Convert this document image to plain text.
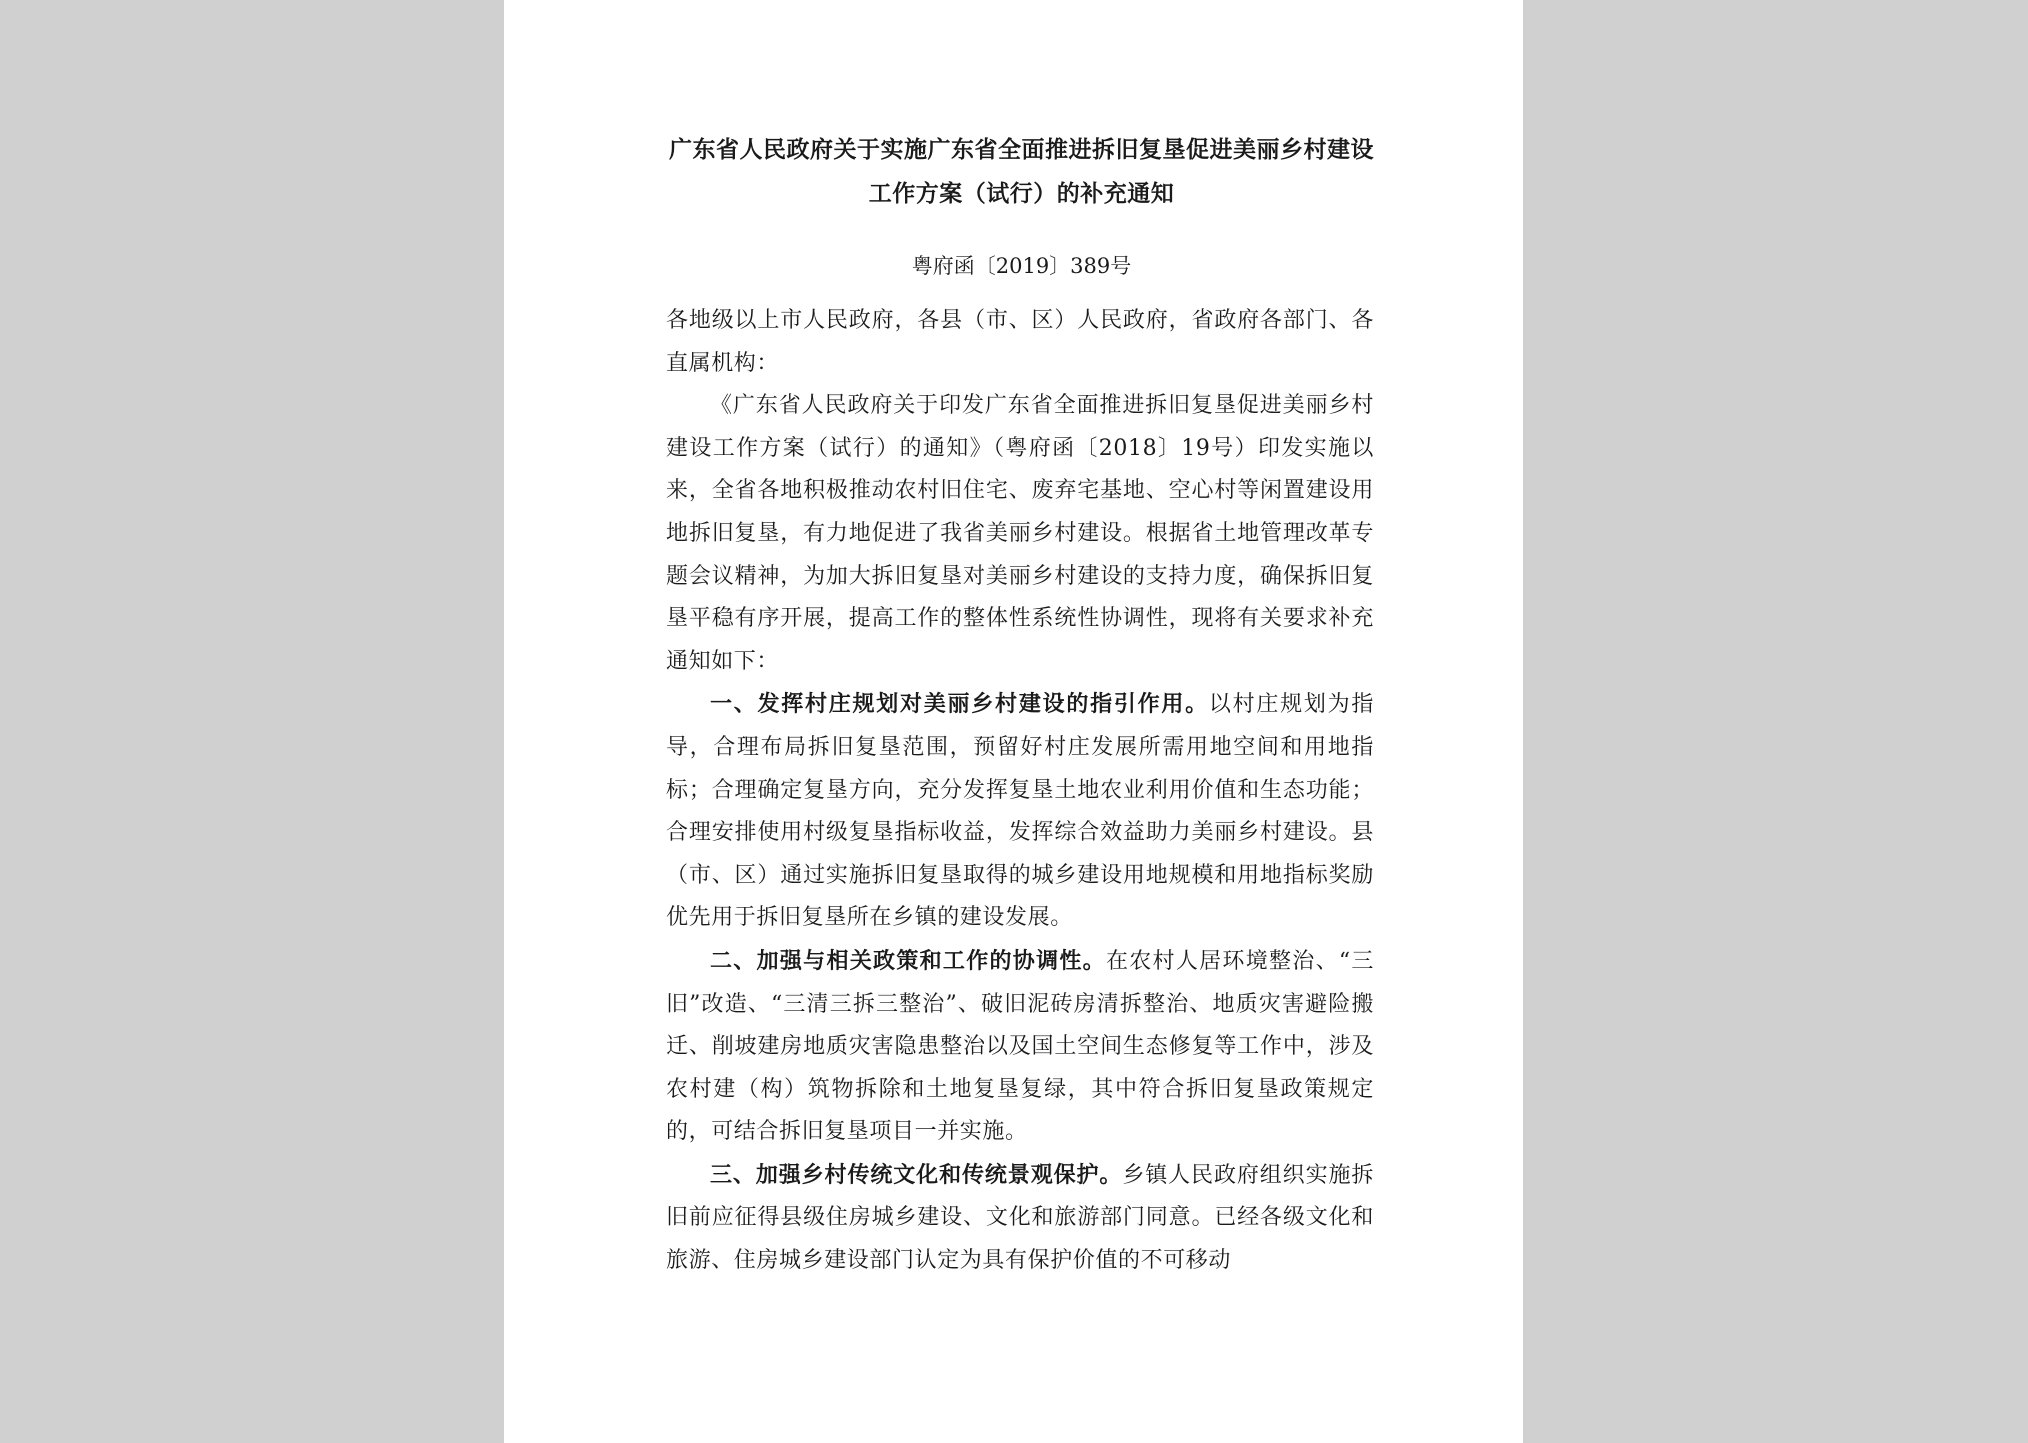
广东省人民政府关于实施广东省全面推进拆旧复垦促进美丽乡村建设工作方案（试行）的补充通知
粤府函〔2019〕389号

各地级以上市人民政府，各县（市、区）人民政府，省政府各部门、各直属机构：

《广东省人民政府关于印发广东省全面推进拆旧复垦促进美丽乡村建设工作方案（试行）的通知》（粤府函〔2018〕19号）印发实施以来，全省各地积极推动农村旧住宅、废弃宅基地、空心村等闲置建设用地拆旧复垦，有力地促进了我省美丽乡村建设。根据省土地管理改革专题会议精神，为加大拆旧复垦对美丽乡村建设的支持力度，确保拆旧复垦平稳有序开展，提高工作的整体性系统性协调性，现将有关要求补充通知如下：

一、发挥村庄规划对美丽乡村建设的指引作用。以村庄规划为指导，合理布局拆旧复垦范围，预留好村庄发展所需用地空间和用地指标；合理确定复垦方向，充分发挥复垦土地农业利用价值和生态功能；合理安排使用村级复垦指标收益，发挥综合效益助力美丽乡村建设。县（市、区）通过实施拆旧复垦取得的城乡建设用地规模和用地指标奖励优先用于拆旧复垦所在乡镇的建设发展。

二、加强与相关政策和工作的协调性。在农村人居环境整治、“三旧”改造、“三清三拆三整治”、破旧泥砖房清拆整治、地质灾害避险搬迁、削坡建房地质灾害隐患整治以及国土空间生态修复等工作中，涉及农村建（构）筑物拆除和土地复垦复绿，其中符合拆旧复垦政策规定的，可结合拆旧复垦项目一并实施。

三、加强乡村传统文化和传统景观保护。乡镇人民政府组织实施拆旧前应征得县级住房城乡建设、文化和旅游部门同意。已经各级文化和旅游、住房城乡建设部门认定为具有保护价值的不可移动
